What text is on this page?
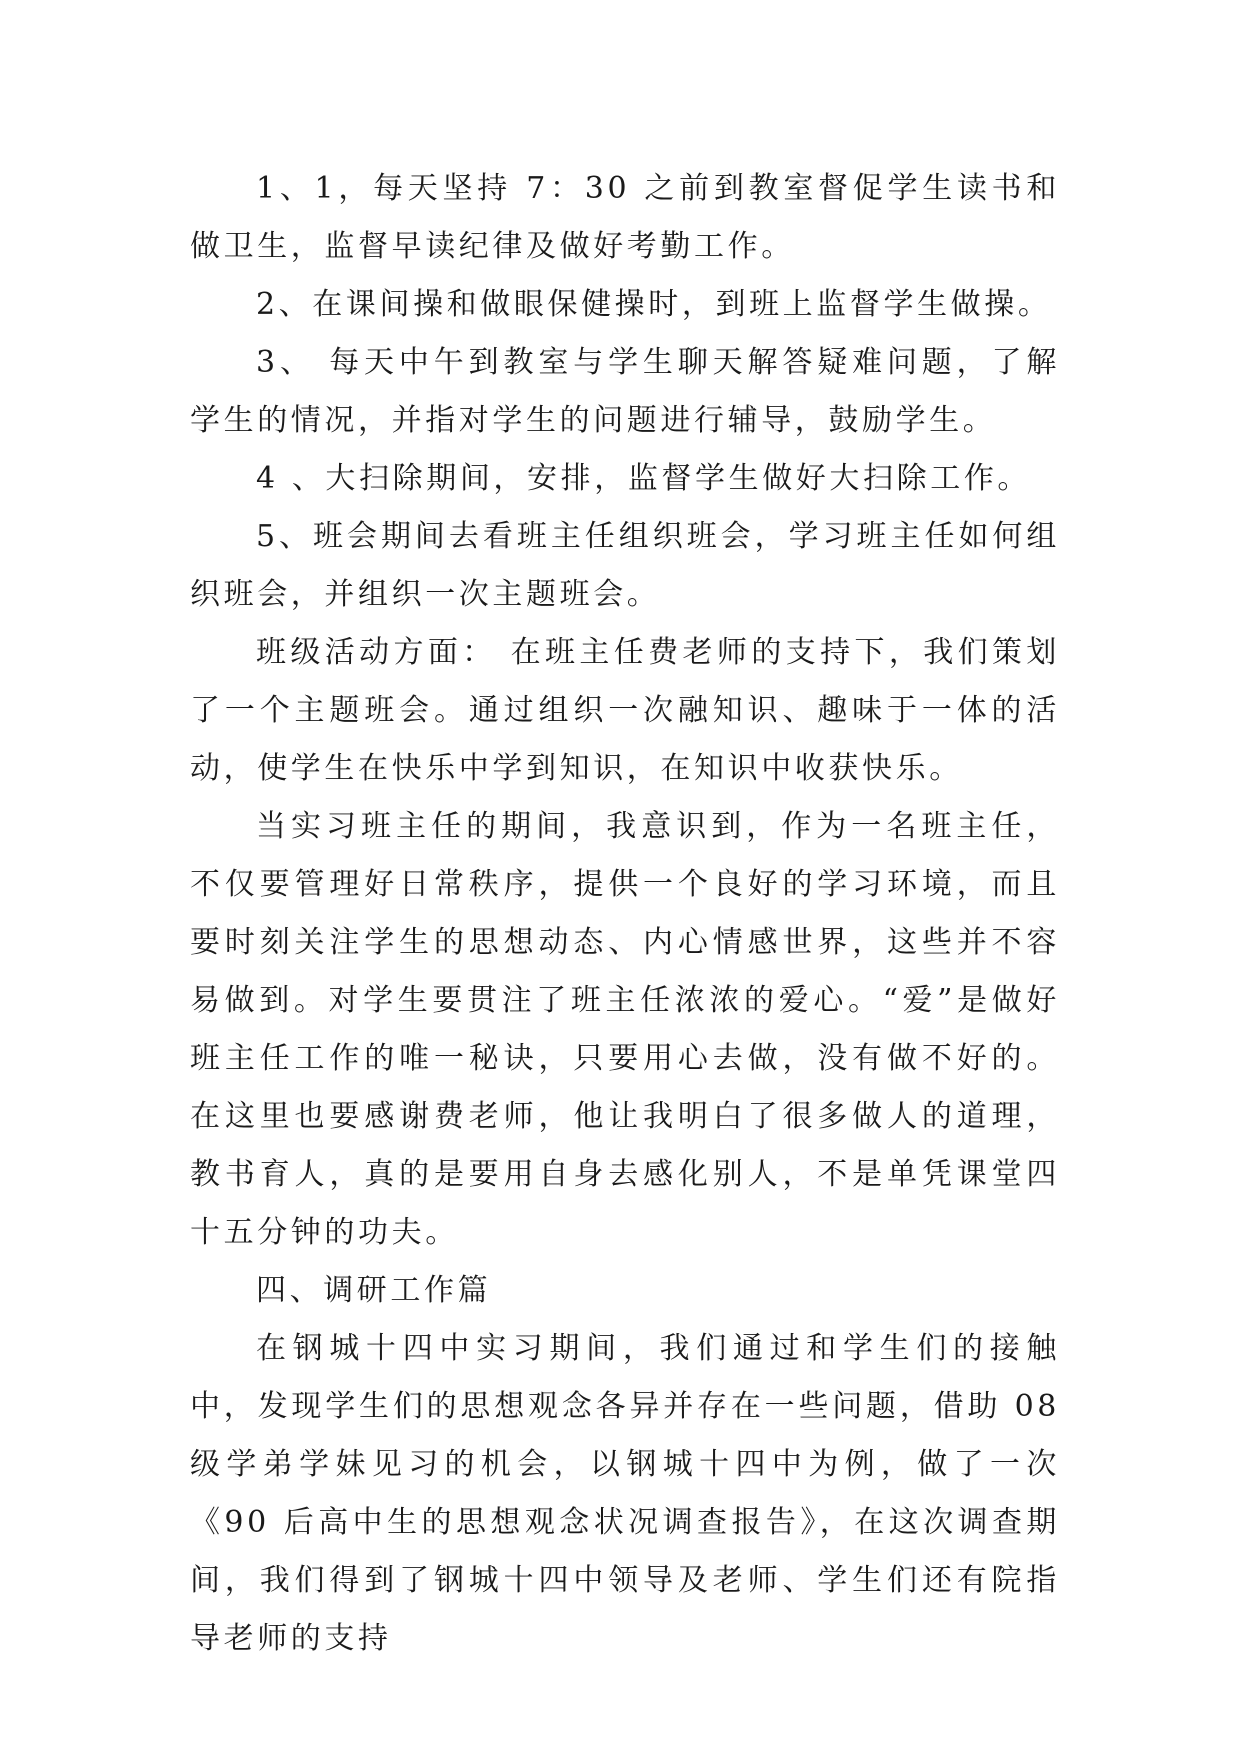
1、1，每天坚持 7：30 之前到教室督促学生读书和做卫生，监督早读纪律及做好考勤工作。

2、在课间操和做眼保健操时，到班上监督学生做操。

3、 每天中午到教室与学生聊天解答疑难问题，了解学生的情况，并指对学生的问题进行辅导，鼓励学生。

4 、大扫除期间，安排，监督学生做好大扫除工作。

5、班会期间去看班主任组织班会，学习班主任如何组织班会，并组织一次主题班会。

班级活动方面： 在班主任费老师的支持下，我们策划了一个主题班会。通过组织一次融知识、趣味于一体的活动，使学生在快乐中学到知识，在知识中收获快乐。

当实习班主任的期间，我意识到，作为一名班主任，不仅要管理好日常秩序，提供一个良好的学习环境，而且要时刻关注学生的思想动态、内心情感世界，这些并不容易做到。对学生要贯注了班主任浓浓的爱心。“爱”是做好班主任工作的唯一秘诀，只要用心去做，没有做不好的。在这里也要感谢费老师，他让我明白了很多做人的道理，教书育人，真的是要用自身去感化别人，不是单凭课堂四十五分钟的功夫。

四、调研工作篇

在钢城十四中实习期间，我们通过和学生们的接触中，发现学生们的思想观念各异并存在一些问题，借助 08 级学弟学妹见习的机会，以钢城十四中为例，做了一次《90 后高中生的思想观念状况调查报告》，在这次调查期间，我们得到了钢城十四中领导及老师、学生们还有院指导老师的支持
